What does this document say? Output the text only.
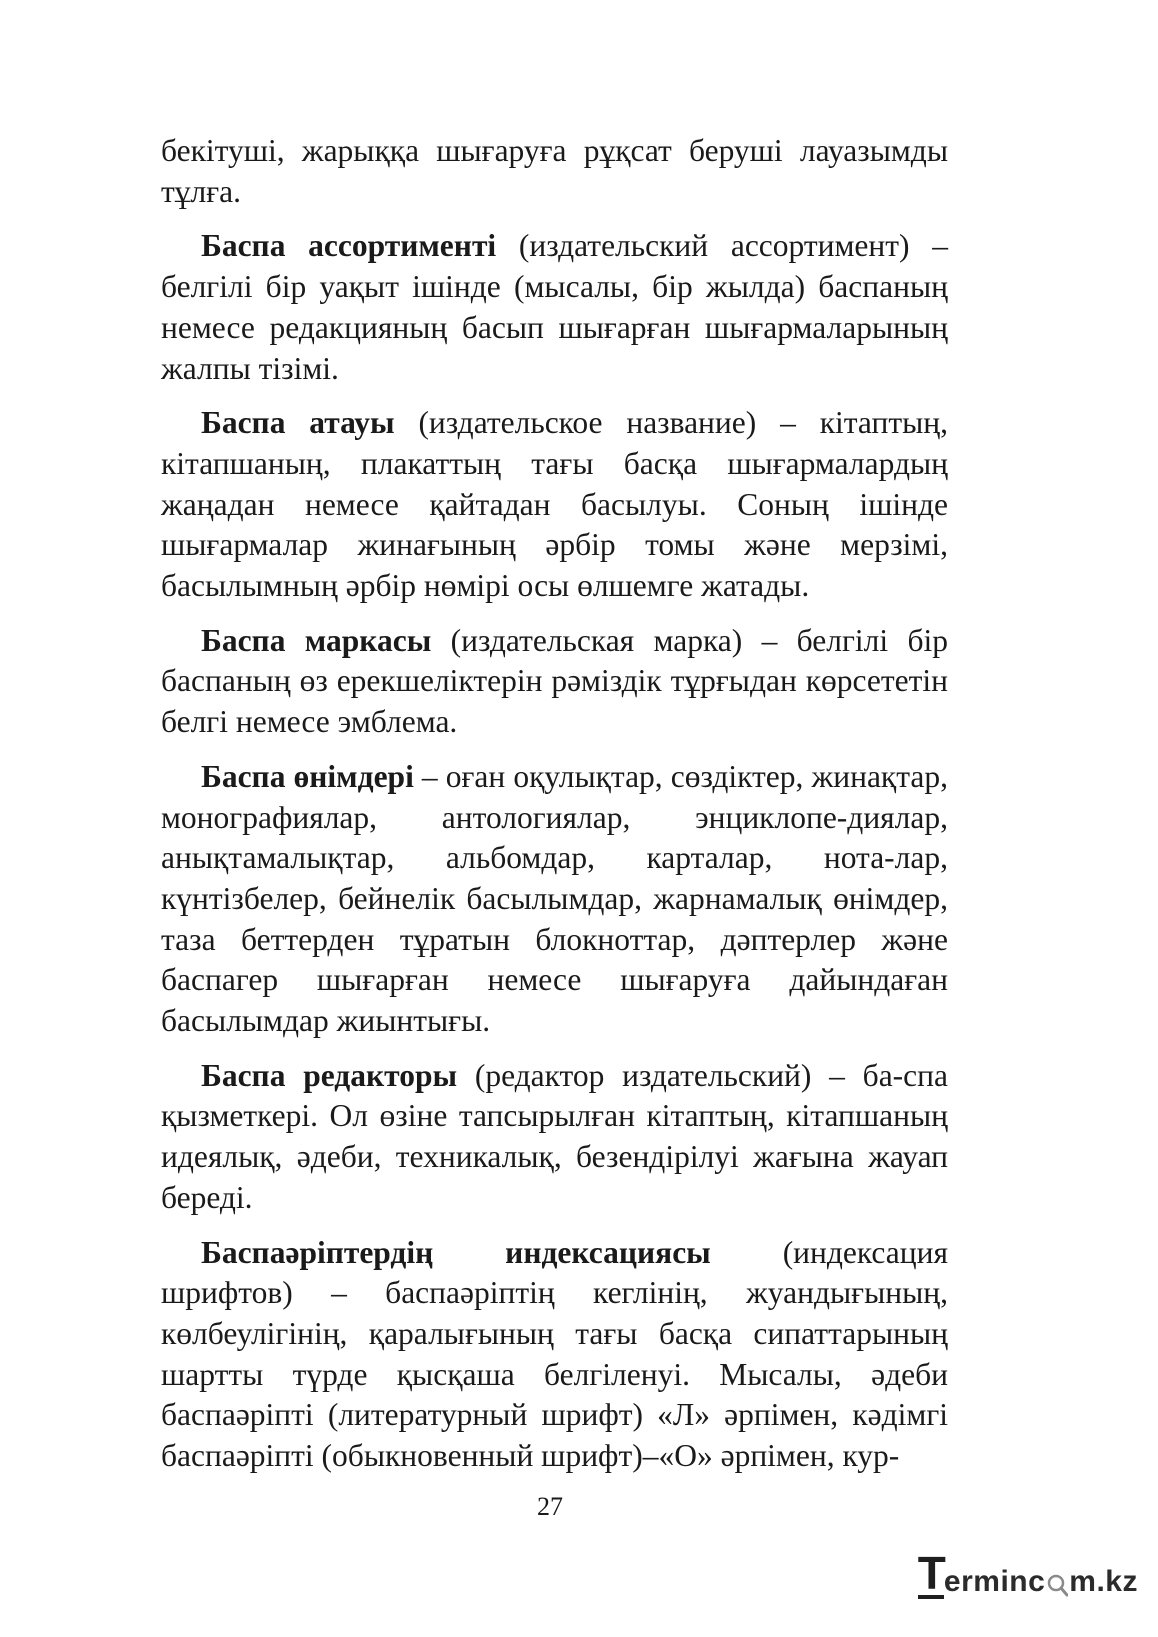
бекітуші, жарыққа шығаруға рұқсат беруші лауазымды тұлға.

Баспа ассортименті (издательский ассортимент) – белгілі бір уақыт ішінде (мысалы, бір жылда) баспаның немесе редакцияның басып шығарған шығармаларының жалпы тізімі.

Баспа атауы (издательское название) – кітаптың, кітапшаның, плакаттың тағы басқа шығармалардың жаңадан немесе қайтадан басылуы. Соның ішінде шығармалар жинағының әрбір томы және мерзімі, басылымның әрбір нөмірі осы өлшемге жатады.

Баспа маркасы (издательская марка) – белгілі бір баспаның өз ерекшеліктерін рәміздік тұрғыдан көрсететін белгі немесе эмблема.

Баспа өнімдері – оған оқулықтар, сөздіктер, жинақтар, монографиялар, антологиялар, энциклопе-диялар, анықтамалықтар, альбомдар, карталар, нота-лар, күнтізбелер, бейнелік басылымдар, жарнамалық өнімдер, таза беттерден тұратын блокноттар, дәптерлер және баспагер шығарған немесе шығаруға дайындаған басылымдар жиынтығы.

Баспа редакторы (редактор издательский) – ба-спа қызметкері. Ол өзіне тапсырылған кітаптың, кітапшаның идеялық, әдеби, техникалық, безендірілуі жағына жауап береді.

Баспаәріптердің индексациясы (индексация шрифтов) – баспаәріптің кеглінің, жуандығының, көлбеулігінің, қаралығының тағы басқа сипаттарының шартты түрде қысқаша белгіленуі. Мысалы, әдеби баспаәріпті (литературный шрифт) «Л» әрпімен, кәдімгі баспаәріпті (обыкновенный шрифт)–«О» әрпімен, кур-

27
T erminc m.kz
